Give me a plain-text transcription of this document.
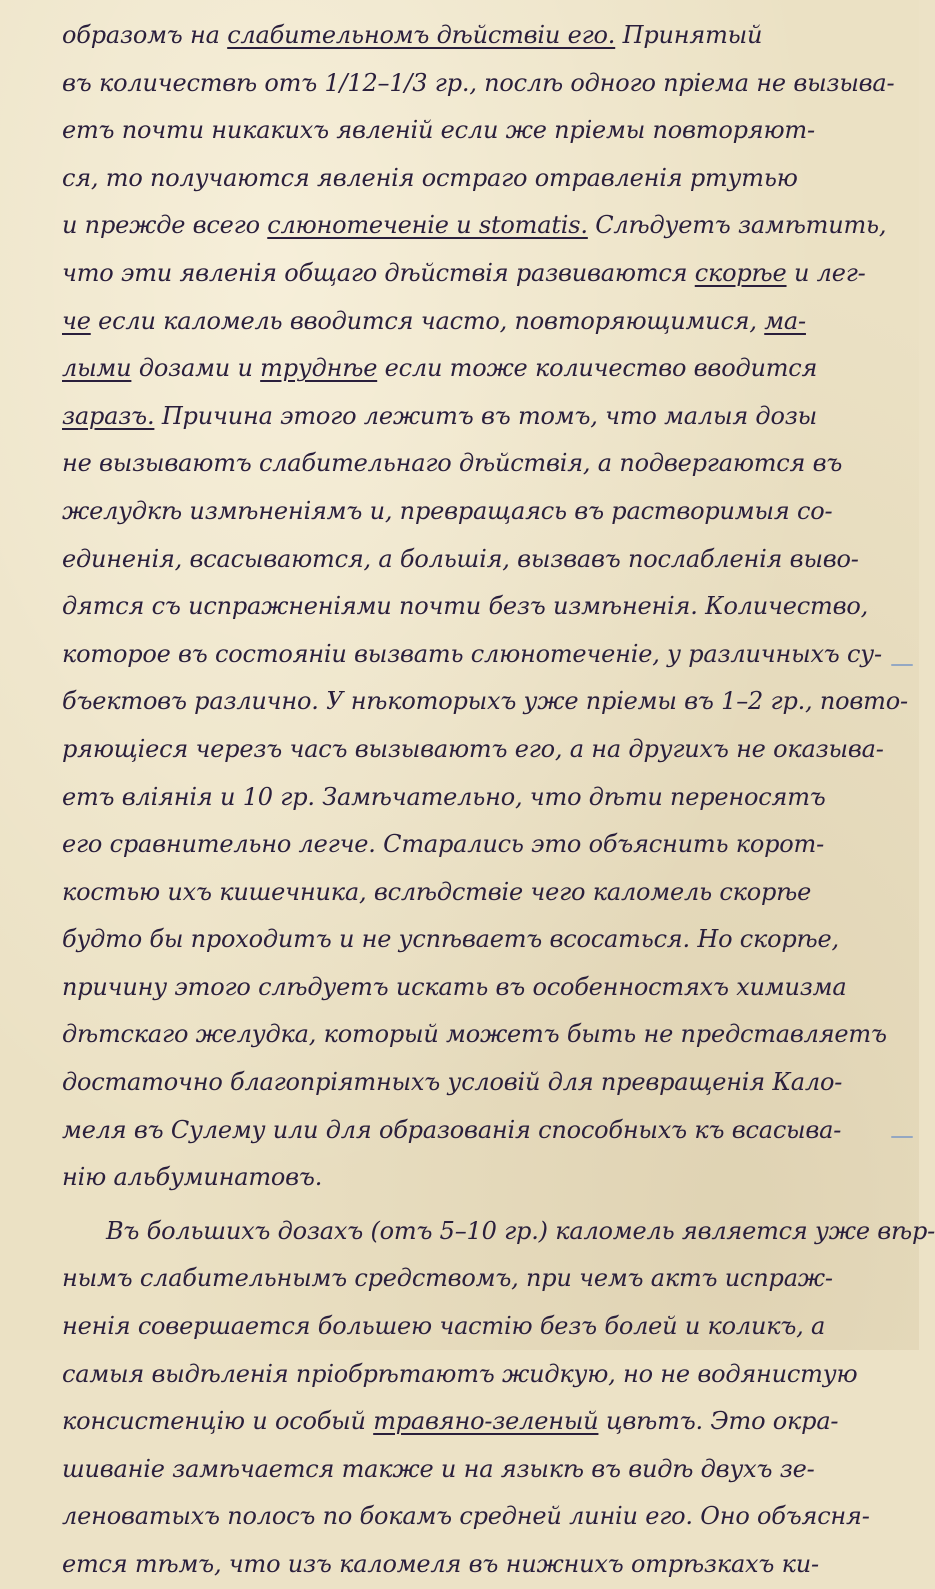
образомъ на слабительномъ дѣйствіи его. Принятый
въ количествѣ отъ 1/12–1/3 гр., послѣ одного пріема не вызыва-
етъ почти никакихъ явленій если же пріемы повторяют-
ся, то получаются явленія остраго отравленія ртутью
и прежде всего слюнотеченіе и stomatis. Слѣдуетъ замѣтить,
что эти явленія общаго дѣйствія развиваются скорѣе и лег-
че если каломель вводится часто, повторяющимися, ма-
лыми дозами и труднѣе если тоже количество вводится
заразъ. Причина этого лежитъ въ томъ, что малыя дозы
не вызываютъ слабительнаго дѣйствія, а подвергаются въ
желудкѣ измѣненіямъ и, превращаясь въ растворимыя со-
единенія, всасываются, а большія, вызвавъ послабленія выво-
дятся съ испражненіями почти безъ измѣненія. Количество,
которое въ состояніи вызвать слюнотеченіе, у различныхъ су-
бъектовъ различно. У нѣкоторыхъ уже пріемы въ 1–2 гр., повто-
ряющіеся черезъ часъ вызываютъ его, а на другихъ не оказыва-
етъ вліянія и 10 гр. Замѣчательно, что дѣти переносятъ
его сравнительно легче. Старались это объяснить корот-
костью ихъ кишечника, вслѣдствіе чего каломель скорѣе
будто бы проходитъ и не успѣваетъ всосаться. Но скорѣе,
причину этого слѣдуетъ искать въ особенностяхъ химизма
дѣтскаго желудка, который можетъ быть не представляетъ
достаточно благопріятныхъ условій для превращенія Кало-
меля въ Сулему или для образованія способныхъ къ всасыва-
нію альбуминатовъ.
Въ большихъ дозахъ (отъ 5–10 гр.) каломель является уже вѣр-
нымъ слабительнымъ средствомъ, при чемъ актъ испраж-
ненія совершается большею частію безъ болей и коликъ, а
самыя выдѣленія пріобрѣтаютъ жидкую, но не водянистую
консистенцію и особый травяно-зеленый цвѣтъ. Это окра-
шиваніе замѣчается также и на языкѣ въ видѣ двухъ зе-
леноватыхъ полосъ по бокамъ средней линіи его. Оно объясня-
ется тѣмъ, что изъ каломеля въ нижнихъ отрѣзкахъ ки-
